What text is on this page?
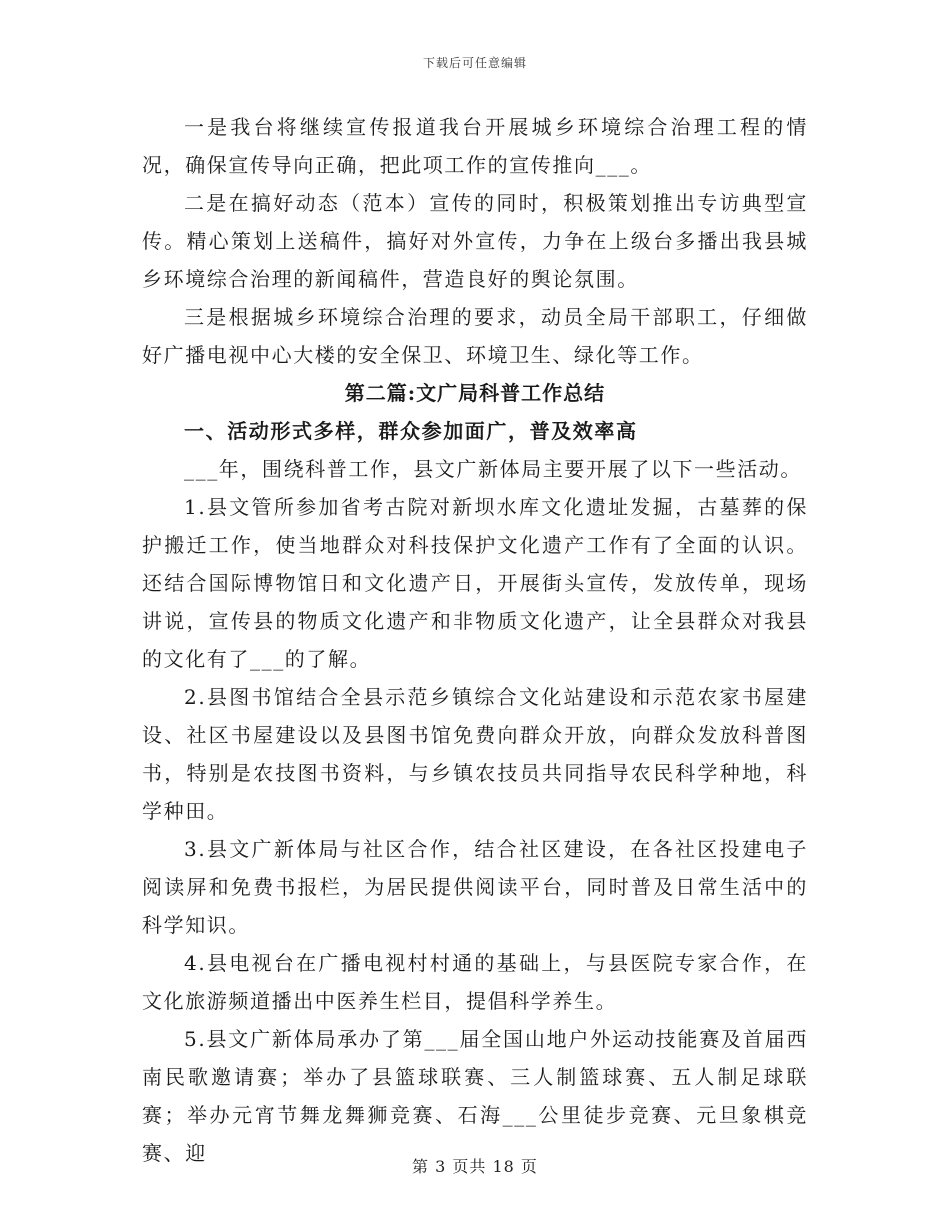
下载后可任意编辑

一是我台将继续宣传报道我台开展城乡环境综合治理工程的情况，确保宣传导向正确，把此项工作的宣传推向___。

二是在搞好动态（范本）宣传的同时，积极策划推出专访典型宣传。精心策划上送稿件，搞好对外宣传，力争在上级台多播出我县城乡环境综合治理的新闻稿件，营造良好的舆论氛围。

三是根据城乡环境综合治理的要求，动员全局干部职工，仔细做好广播电视中心大楼的安全保卫、环境卫生、绿化等工作。

第二篇:文广局科普工作总结

一、活动形式多样，群众参加面广，普及效率高

___年，围绕科普工作，县文广新体局主要开展了以下一些活动。

1.县文管所参加省考古院对新坝水库文化遗址发掘，古墓葬的保护搬迁工作，使当地群众对科技保护文化遗产工作有了全面的认识。还结合国际博物馆日和文化遗产日，开展街头宣传，发放传单，现场讲说，宣传县的物质文化遗产和非物质文化遗产，让全县群众对我县的文化有了___的了解。

2.县图书馆结合全县示范乡镇综合文化站建设和示范农家书屋建设、社区书屋建设以及县图书馆免费向群众开放，向群众发放科普图书，特别是农技图书资料，与乡镇农技员共同指导农民科学种地，科学种田。

3.县文广新体局与社区合作，结合社区建设，在各社区投建电子阅读屏和免费书报栏，为居民提供阅读平台，同时普及日常生活中的科学知识。

4.县电视台在广播电视村村通的基础上，与县医院专家合作，在文化旅游频道播出中医养生栏目，提倡科学养生。

5.县文广新体局承办了第___届全国山地户外运动技能赛及首届西南民歌邀请赛；举办了县篮球联赛、三人制篮球赛、五人制足球联赛；举办元宵节舞龙舞狮竞赛、石海___公里徒步竞赛、元旦象棋竞赛、迎

第 3 页共 18 页
